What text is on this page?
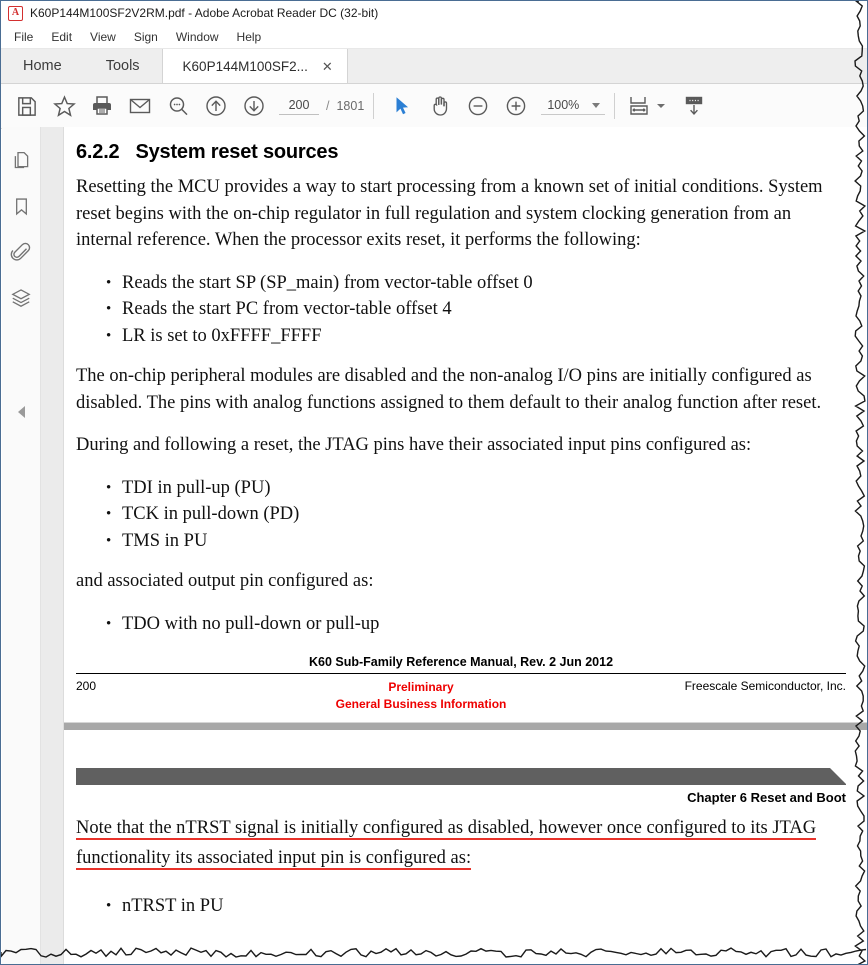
A K60P144M100SF2V2RM.pdf - Adobe Acrobat Reader DC (32-bit)
File	Edit	View	Sign	Window	Help
Home	Tools	K60P144M100SF2... ✕
200
/ 1801	100%
6.2.2 System reset sources

Resetting the MCU provides a way to start processing from a known set of initial conditions. System reset begins with the on-chip regulator in full regulation and system clocking generation from an internal reference. When the processor exits reset, it performs the following:

• Reads the start SP (SP_main) from vector-table offset 0
• Reads the start PC from vector-table offset 4
• LR is set to 0xFFFF_FFFF

The on-chip peripheral modules are disabled and the non-analog I/O pins are initially configured as disabled. The pins with analog functions assigned to them default to their analog function after reset.

During and following a reset, the JTAG pins have their associated input pins configured as:

• TDI in pull-up (PU)
• TCK in pull-down (PD)
• TMS in PU

and associated output pin configured as:

• TDO with no pull-down or pull-up
K60 Sub-Family Reference Manual, Rev. 2 Jun 2012
200	Preliminary
General Business Information
Freescale Semiconductor, Inc.
Chapter 6 Reset and Boot

Note that the nTRST signal is initially configured as disabled, however once configured to its JTAG functionality its associated input pin is configured as:

• nTRST in PU
